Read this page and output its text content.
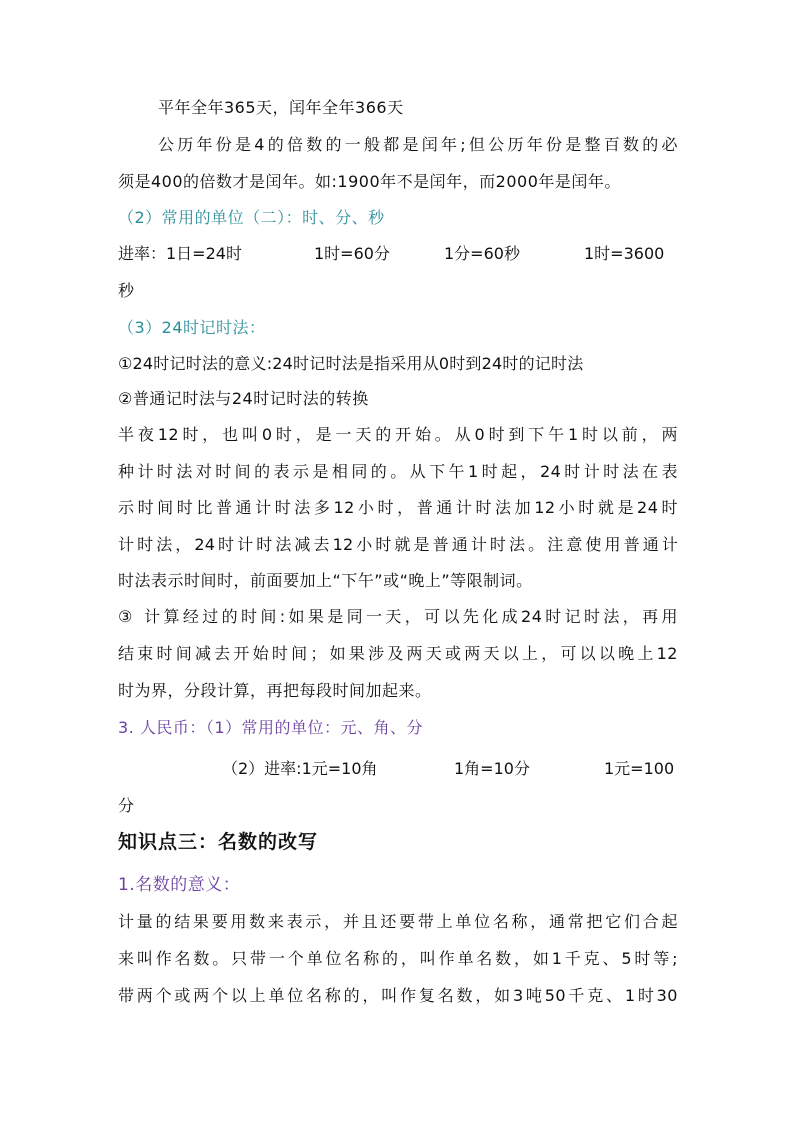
平年全年365天，闰年全年366天
公历年份是4的倍数的一般都是闰年;但公历年份是整百数的必
须是400的倍数才是闰年。如:1900年不是闰年，而2000年是闰年。
（2）常用的单位（二）：时、分、秒
进率：1日=24时	1时=60分	1分=60秒	1时=3600
秒
（3）24时记时法：
①24时记时法的意义:24时记时法是指采用从0时到24时的记时法
②普通记时法与24时记时法的转换
半夜12时，也叫0时，是一天的开始。从0时到下午1时以前，两
种计时法对时间的表示是相同的。从下午1时起，24时计时法在表
示时间时比普通计时法多12小时，普通计时法加12小时就是24时
计时法，24时计时法减去12小时就是普通计时法。注意使用普通计
时法表示时间时，前面要加上“下午”或“晚上”等限制词。
③ 计算经过的时间:如果是同一天，可以先化成24时记时法，再用
结束时间减去开始时间；如果涉及两天或两天以上，可以以晚上12
时为界，分段计算，再把每段时间加起来。
3. 人民币：（1）常用的单位：元、角、分
（2）进率:1元=10角	1角=10分	1元=100
分
知识点三：名数的改写
1.名数的意义：
计量的结果要用数来表示，并且还要带上单位名称，通常把它们合起
来叫作名数。只带一个单位名称的，叫作单名数，如1千克、5时等;
带两个或两个以上单位名称的，叫作复名数，如3吨50千克、1时30
